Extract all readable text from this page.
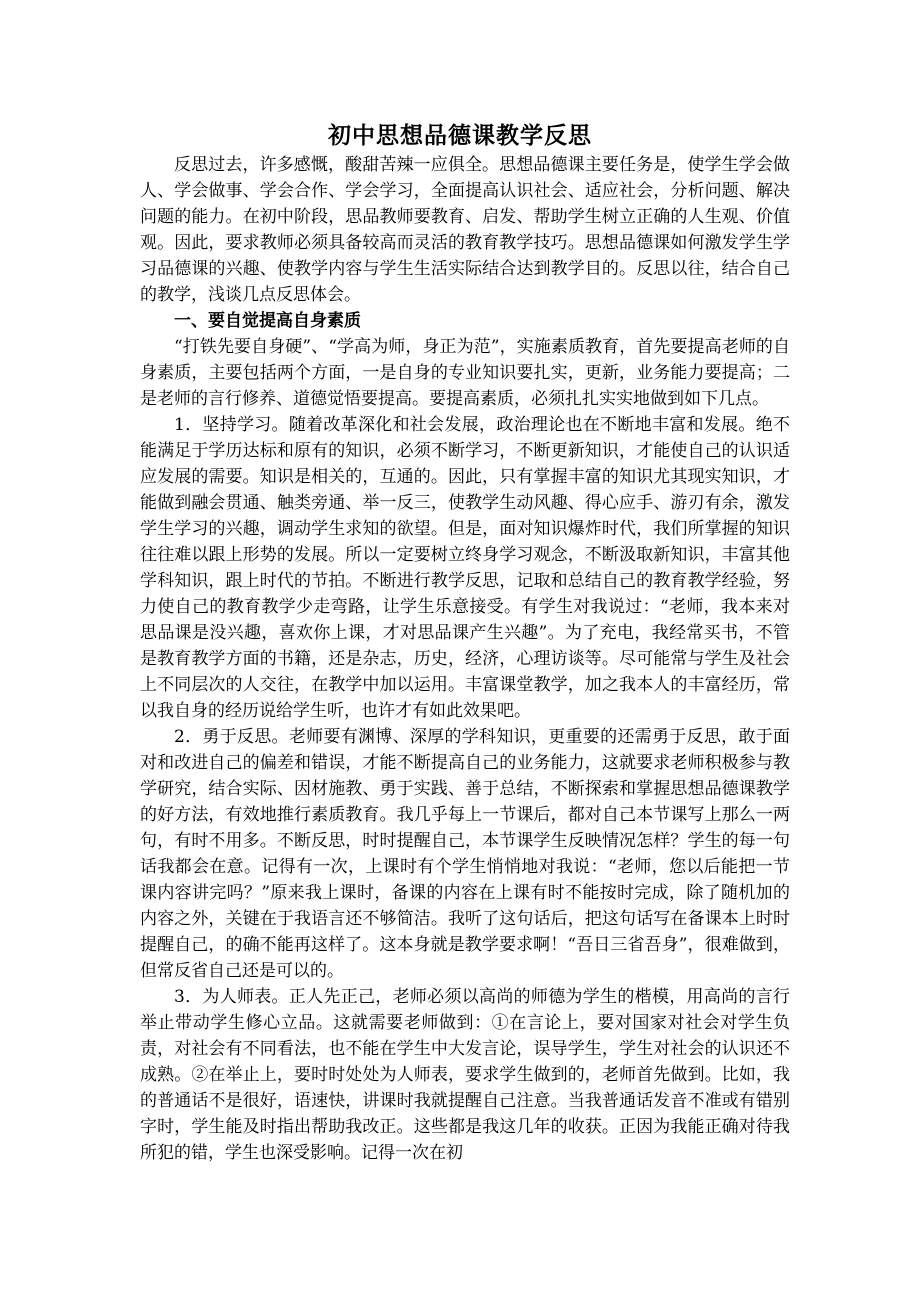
初中思想品德课教学反思

反思过去，许多感慨，酸甜苦辣一应俱全。思想品德课主要任务是，使学生学会做人、学会做事、学会合作、学会学习，全面提高认识社会、适应社会，分析问题、解决问题的能力。在初中阶段，思品教师要教育、启发、帮助学生树立正确的人生观、价值观。因此，要求教师必须具备较高而灵活的教育教学技巧。思想品德课如何激发学生学习品德课的兴趣、使教学内容与学生生活实际结合达到教学目的。反思以往，结合自己的教学，浅谈几点反思体会。

一、要自觉提高自身素质

“打铁先要自身硬”、“学高为师，身正为范”，实施素质教育，首先要提高老师的自身素质，主要包括两个方面，一是自身的专业知识要扎实，更新，业务能力要提高；二是老师的言行修养、道德觉悟要提高。要提高素质，必须扎扎实实地做到如下几点。

1．坚持学习。随着改革深化和社会发展，政治理论也在不断地丰富和发展。绝不能满足于学历达标和原有的知识，必须不断学习，不断更新知识，才能使自己的认识适应发展的需要。知识是相关的，互通的。因此，只有掌握丰富的知识尤其现实知识，才能做到融会贯通、触类旁通、举一反三，使教学生动风趣、得心应手、游刃有余，激发学生学习的兴趣，调动学生求知的欲望。但是，面对知识爆炸时代，我们所掌握的知识往往难以跟上形势的发展。所以一定要树立终身学习观念，不断汲取新知识，丰富其他学科知识，跟上时代的节拍。不断进行教学反思，记取和总结自己的教育教学经验，努力使自己的教育教学少走弯路，让学生乐意接受。有学生对我说过：“老师，我本来对思品课是没兴趣，喜欢你上课，才对思品课产生兴趣”。为了充电，我经常买书，不管是教育教学方面的书籍，还是杂志，历史，经济，心理访谈等。尽可能常与学生及社会上不同层次的人交往，在教学中加以运用。丰富课堂教学，加之我本人的丰富经历，常以我自身的经历说给学生听，也许才有如此效果吧。

2．勇于反思。老师要有渊博、深厚的学科知识，更重要的还需勇于反思，敢于面对和改进自己的偏差和错误，才能不断提高自己的业务能力，这就要求老师积极参与教学研究，结合实际、因材施教、勇于实践、善于总结，不断探索和掌握思想品德课教学的好方法，有效地推行素质教育。我几乎每上一节课后，都对自己本节课写上那么一两句，有时不用多。不断反思，时时提醒自己，本节课学生反映情况怎样？学生的每一句话我都会在意。记得有一次，上课时有个学生悄悄地对我说：“老师，您以后能把一节课内容讲完吗？”原来我上课时，备课的内容在上课有时不能按时完成，除了随机加的内容之外，关键在于我语言还不够简洁。我听了这句话后，把这句话写在备课本上时时提醒自己，的确不能再这样了。这本身就是教学要求啊！“吾日三省吾身”，很难做到，但常反省自己还是可以的。

3．为人师表。正人先正己，老师必须以高尚的师德为学生的楷模，用高尚的言行举止带动学生修心立品。这就需要老师做到：①在言论上，要对国家对社会对学生负责，对社会有不同看法，也不能在学生中大发言论，误导学生，学生对社会的认识还不成熟。②在举止上，要时时处处为人师表，要求学生做到的，老师首先做到。比如，我的普通话不是很好，语速快，讲课时我就提醒自己注意。当我普通话发音不准或有错别字时，学生能及时指出帮助我改正。这些都是我这几年的收获。正因为我能正确对待我所犯的错，学生也深受影响。记得一次在初
